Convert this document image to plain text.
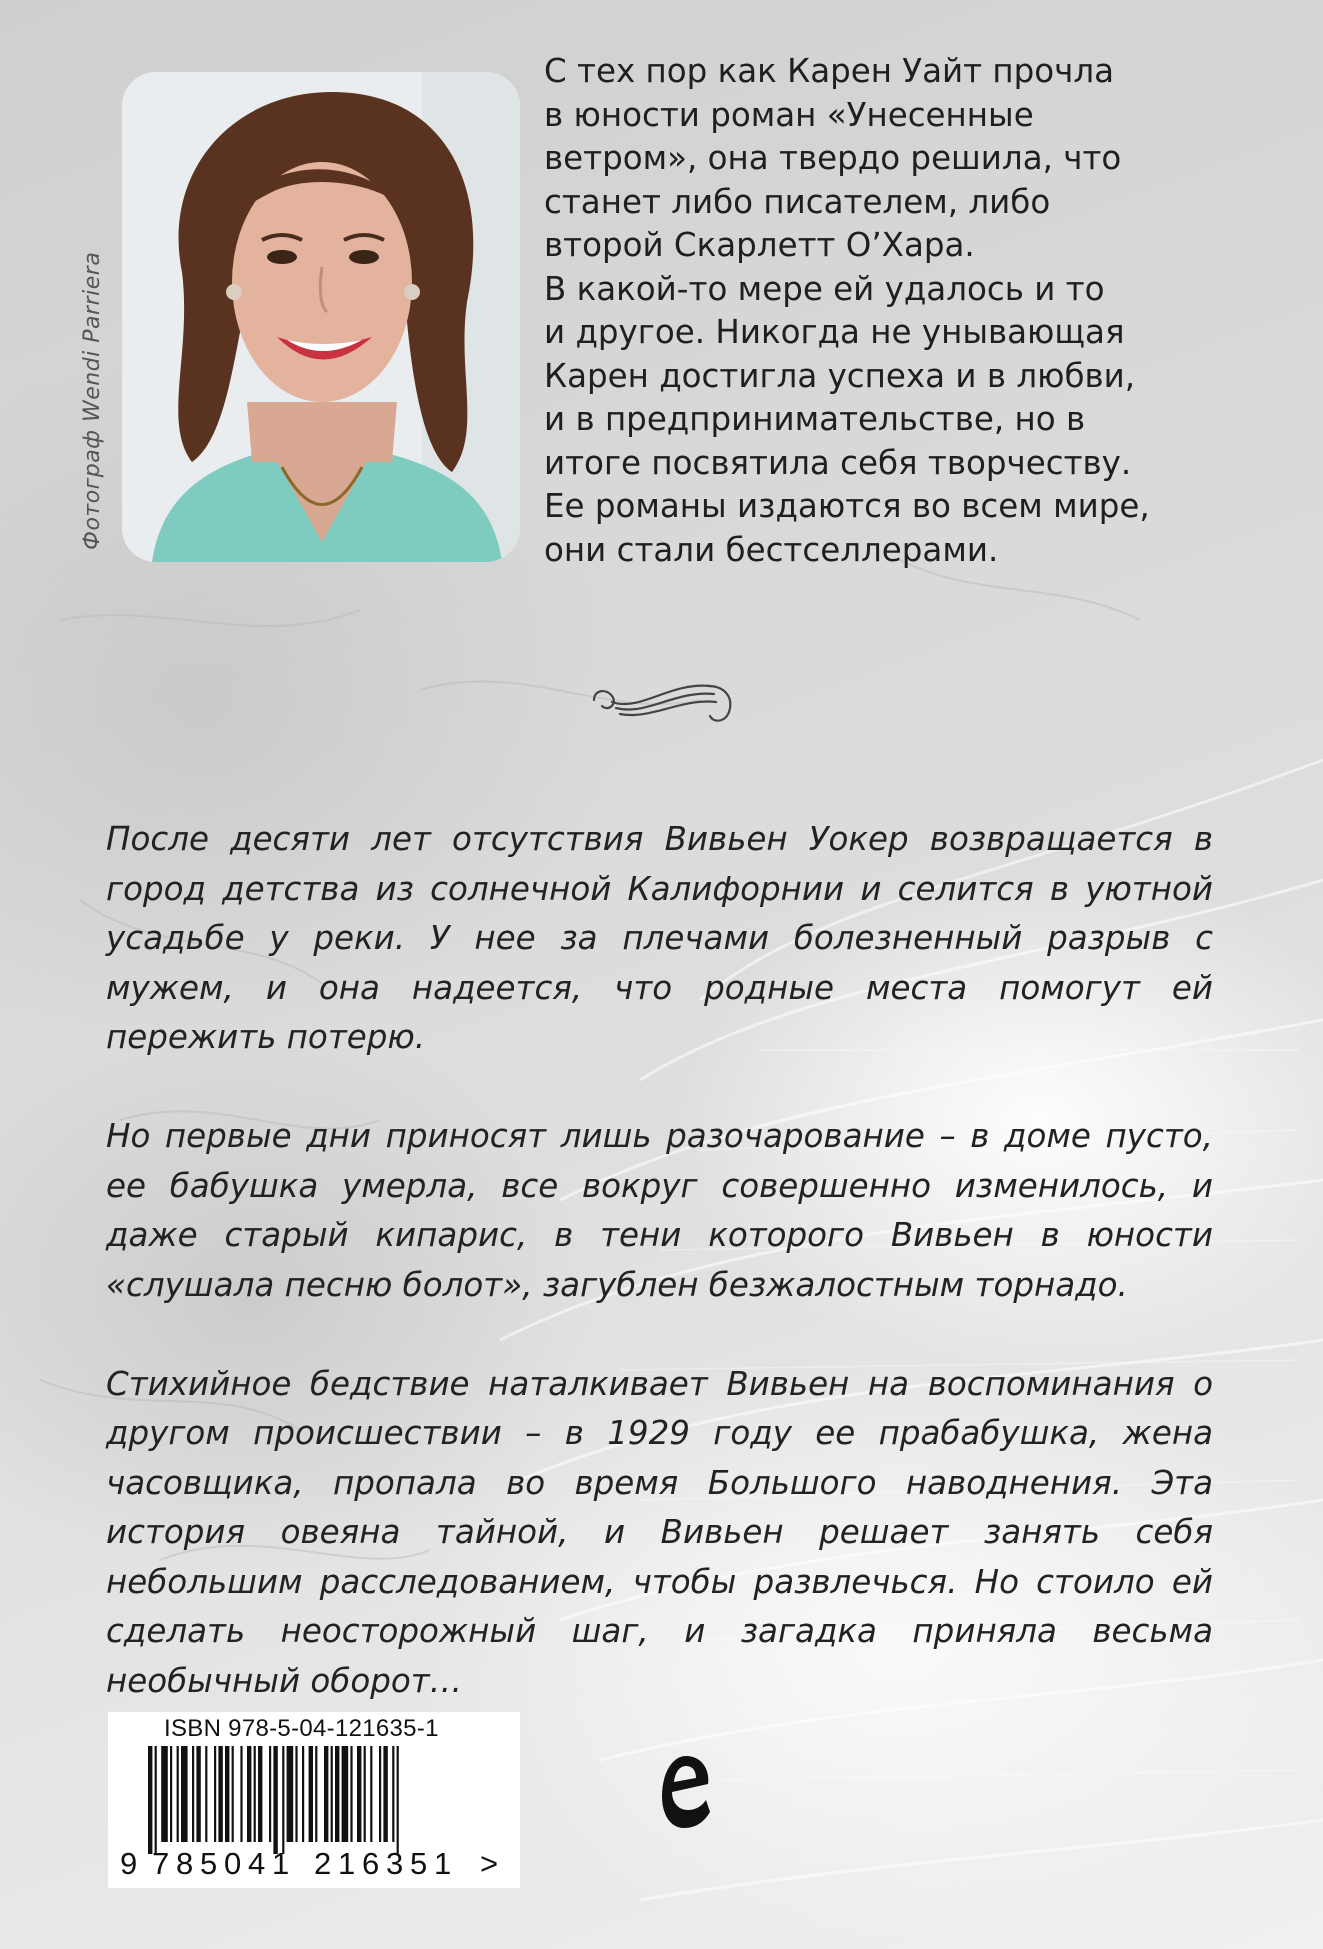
Фотограф Wendi Parriera

С тех пор как Карен Уайт прочла

в юности роман «Унесенные

ветром», она твердо решила, что

станет либо писателем, либо

второй Скарлетт О’Хара.

В какой-то мере ей удалось и то

и другое. Никогда не унывающая

Карен достигла успеха и в любви,

и в предпринимательстве, но в

итоге посвятила себя творчеству.

Ее романы издаются во всем мире,

они стали бестселлерами.

После десяти лет отсутствия Вивьен Уокер возвращается в город детства из солнечной Калифорнии и селится в уютной усадьбе у реки. У нее за плечами болезненный разрыв с мужем, и она надеется, что родные места помогут ей пережить потерю.

Но первые дни приносят лишь разочарование – в доме пусто, ее бабушка умерла, все вокруг совершенно изменилось, и даже старый кипарис, в тени которого Вивьен в юности «слушала песню болот», загублен безжалостным торнадо.

Стихийное бедствие наталкивает Вивьен на воспоминания о другом происшествии – в 1929 году ее прабабушка, жена часовщика, пропала во время Большого наводнения. Эта история овеяна тайной, и Вивьен решает занять себя небольшим расследованием, чтобы развлечься. Но стоило ей сделать неосторожный шаг, и загадка приняла весьма необычный оборот…

ISBN 978-5-04-121635-1
9 7 8 5 0 4 1 2 1 6 3 5 1 >
